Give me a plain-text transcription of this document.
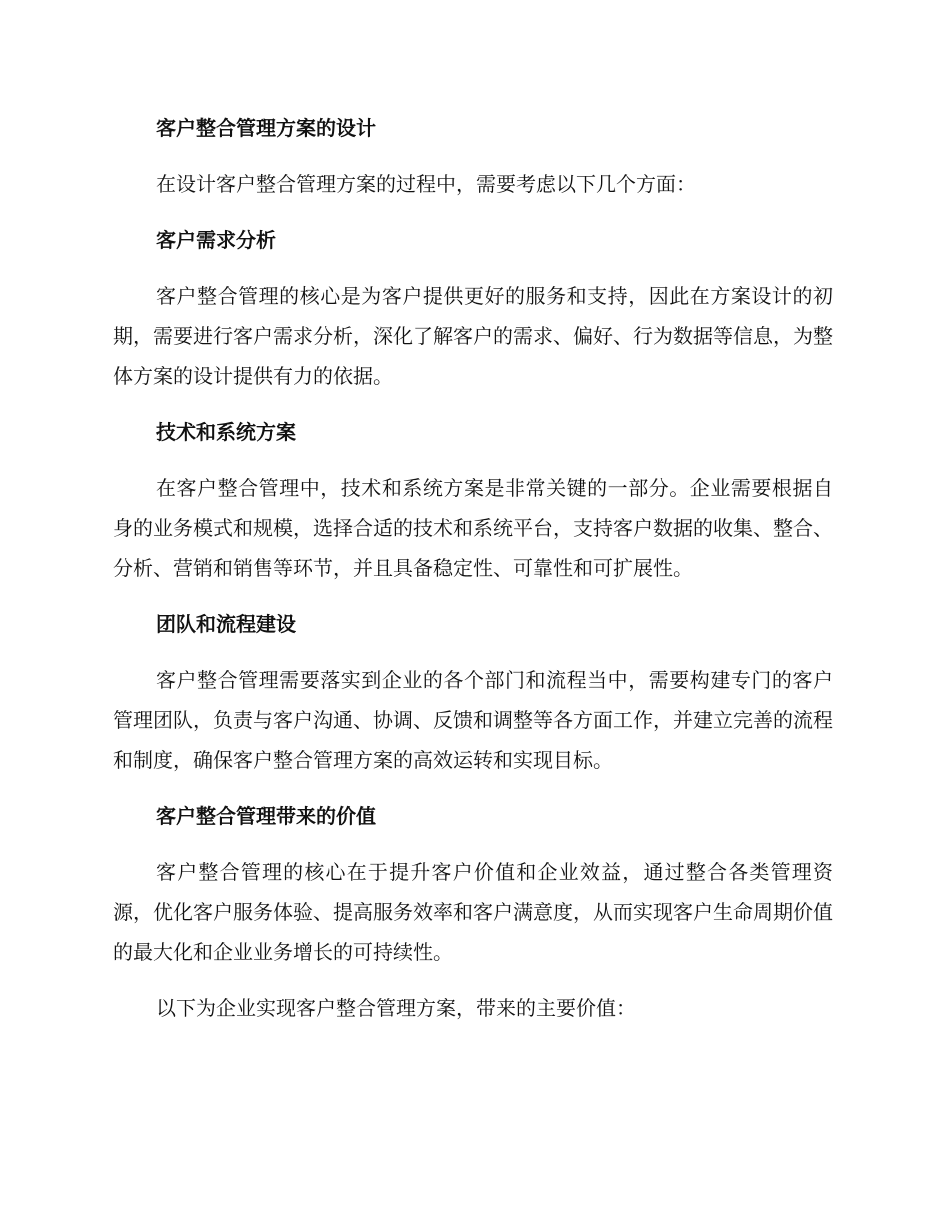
客户整合管理方案的设计

在设计客户整合管理方案的过程中，需要考虑以下几个方面：

客户需求分析

客户整合管理的核心是为客户提供更好的服务和支持，因此在方案设计的初期，需要进行客户需求分析，深化了解客户的需求、偏好、行为数据等信息，为整体方案的设计提供有力的依据。

技术和系统方案

在客户整合管理中，技术和系统方案是非常关键的一部分。企业需要根据自身的业务模式和规模，选择合适的技术和系统平台，支持客户数据的收集、整合、分析、营销和销售等环节，并且具备稳定性、可靠性和可扩展性。

团队和流程建设

客户整合管理需要落实到企业的各个部门和流程当中，需要构建专门的客户管理团队，负责与客户沟通、协调、反馈和调整等各方面工作，并建立完善的流程和制度，确保客户整合管理方案的高效运转和实现目标。

客户整合管理带来的价值

客户整合管理的核心在于提升客户价值和企业效益，通过整合各类管理资源，优化客户服务体验、提高服务效率和客户满意度，从而实现客户生命周期价值的最大化和企业业务增长的可持续性。

以下为企业实现客户整合管理方案，带来的主要价值：
